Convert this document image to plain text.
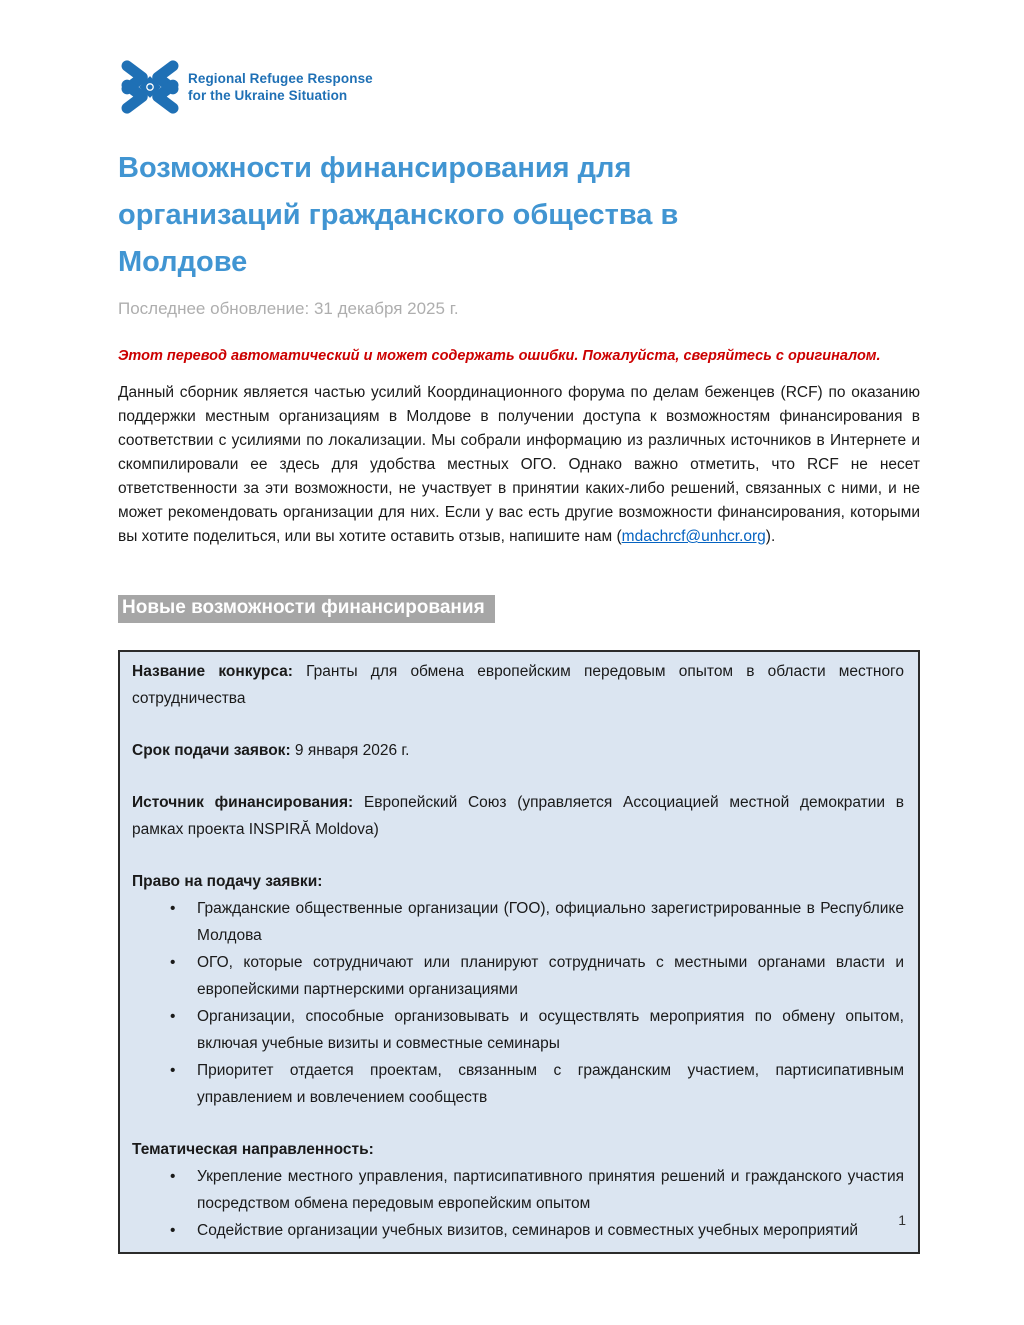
Regional Refugee Response
for the Ukraine Situation
Возможности финансирования для организаций гражданского общества в Молдове
Последнее обновление: 31 декабря 2025 г.
Этот перевод автоматический и может содержать ошибки. Пожалуйста, сверяйтесь с оригиналом.

Данный сборник является частью усилий Координационного форума по делам беженцев (RCF) по оказанию поддержки местным организациям в Молдове в получении доступа к возможностям финансирования в соответствии с усилиями по локализации. Мы собрали информацию из различных источников в Интернете и скомпилировали ее здесь для удобства местных ОГО. Однако важно отметить, что RCF не несет ответственности за эти возможности, не участвует в принятии каких-либо решений, связанных с ними, и не может рекомендовать организации для них. Если у вас есть другие возможности финансирования, которыми вы хотите поделиться, или вы хотите оставить отзыв, напишите нам (mdachrcf@unhcr.org).

Новые возможности финансирования

Название конкурса: Гранты для обмена европейским передовым опытом в области местного сотрудничества

Срок подачи заявок: 9 января 2026 г.

Источник финансирования: Европейский Союз (управляется Ассоциацией местной демократии в рамках проекта INSPIRĂ Moldova)

Право на подачу заявки:

• Гражданские общественные организации (ГОО), официально зарегистрированные в Республике Молдова
• ОГО, которые сотрудничают или планируют сотрудничать с местными органами власти и европейскими партнерскими организациями
• Организации, способные организовывать и осуществлять мероприятия по обмену опытом, включая учебные визиты и совместные семинары
• Приоритет отдается проектам, связанным с гражданским участием, партисипативным управлением и вовлечением сообществ

Тематическая направленность:

• Укрепление местного управления, партисипативного принятия решений и гражданского участия посредством обмена передовым европейским опытом
• Содействие организации учебных визитов, семинаров и совместных учебных мероприятий
1
